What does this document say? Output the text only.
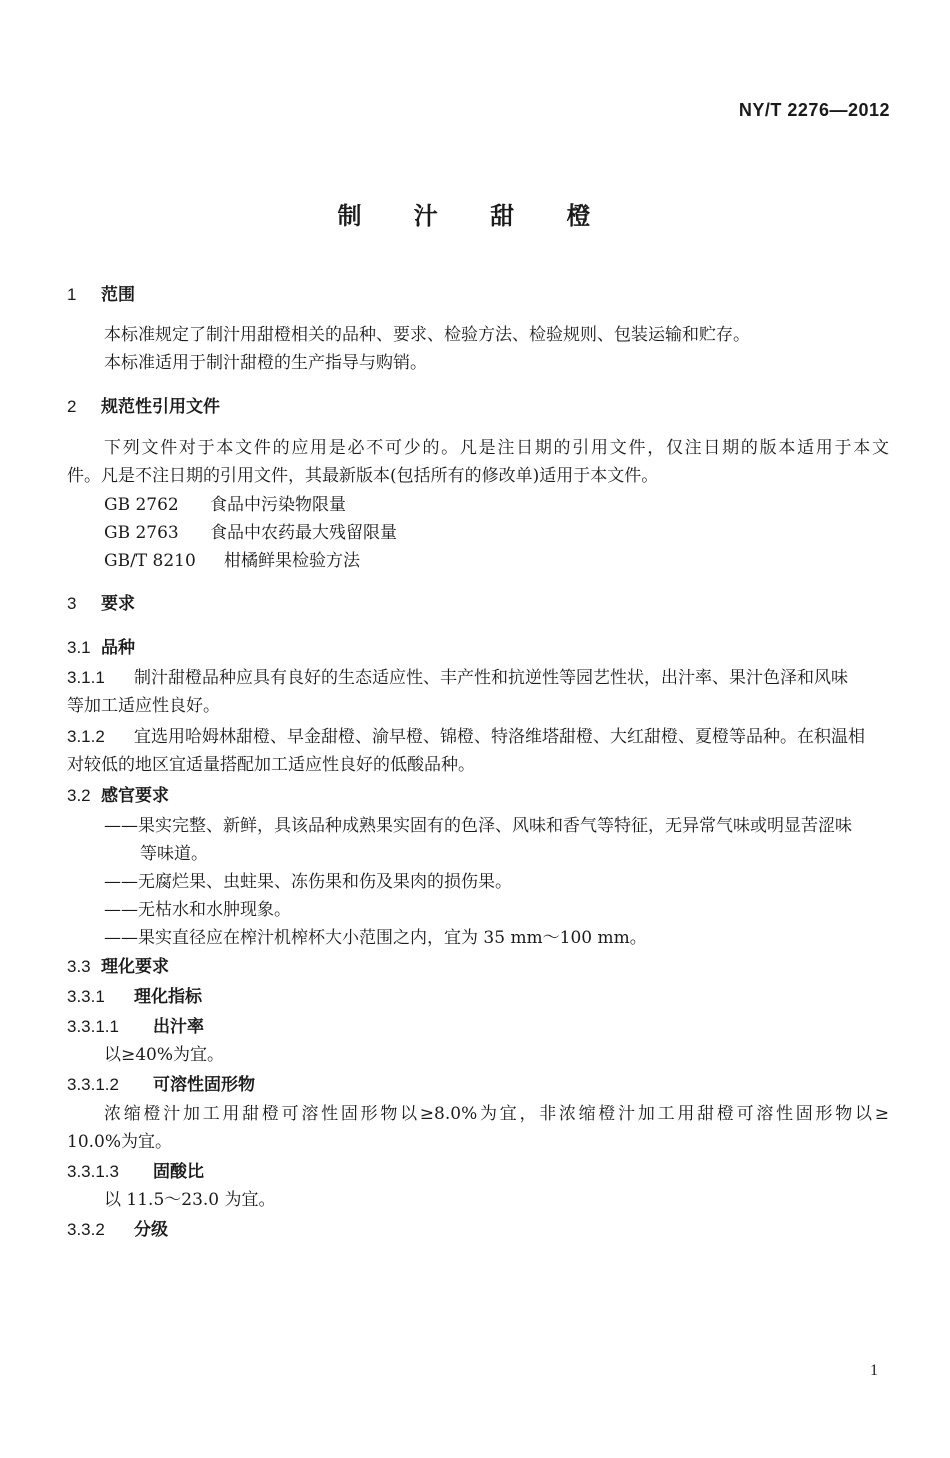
NY/T 2276—2012
制 汁 甜 橙
1 范围
本标准规定了制汁用甜橙相关的品种、要求、检验方法、检验规则、包装运输和贮存。
本标准适用于制汁甜橙的生产指导与购销。
2 规范性引用文件
下列文件对于本文件的应用是必不可少的。凡是注日期的引用文件，仅注日期的版本适用于本文
件。凡是不注日期的引用文件，其最新版本(包括所有的修改单)适用于本文件。
GB 2762 食品中污染物限量
GB 2763 食品中农药最大残留限量
GB/T 8210 柑橘鲜果检验方法
3 要求
3.1 品种
3.1.1 制汁甜橙品种应具有良好的生态适应性、丰产性和抗逆性等园艺性状，出汁率、果汁色泽和风味
等加工适应性良好。
3.1.2 宜选用哈姆林甜橙、早金甜橙、渝早橙、锦橙、特洛维塔甜橙、大红甜橙、夏橙等品种。在积温相
对较低的地区宜适量搭配加工适应性良好的低酸品种。
3.2 感官要求
——果实完整、新鲜，具该品种成熟果实固有的色泽、风味和香气等特征，无异常气味或明显苦涩味
等味道。
——无腐烂果、虫蛀果、冻伤果和伤及果肉的损伤果。
——无枯水和水肿现象。
——果实直径应在榨汁机榨杯大小范围之内，宜为 35 mm～100 mm。
3.3 理化要求
3.3.1 理化指标
3.3.1.1 出汁率
以≥40%为宜。
3.3.1.2 可溶性固形物
浓缩橙汁加工用甜橙可溶性固形物以≥8.0%为宜，非浓缩橙汁加工用甜橙可溶性固形物以≥
10.0%为宜。
3.3.1.3 固酸比
以 11.5～23.0 为宜。
3.3.2 分级
1
